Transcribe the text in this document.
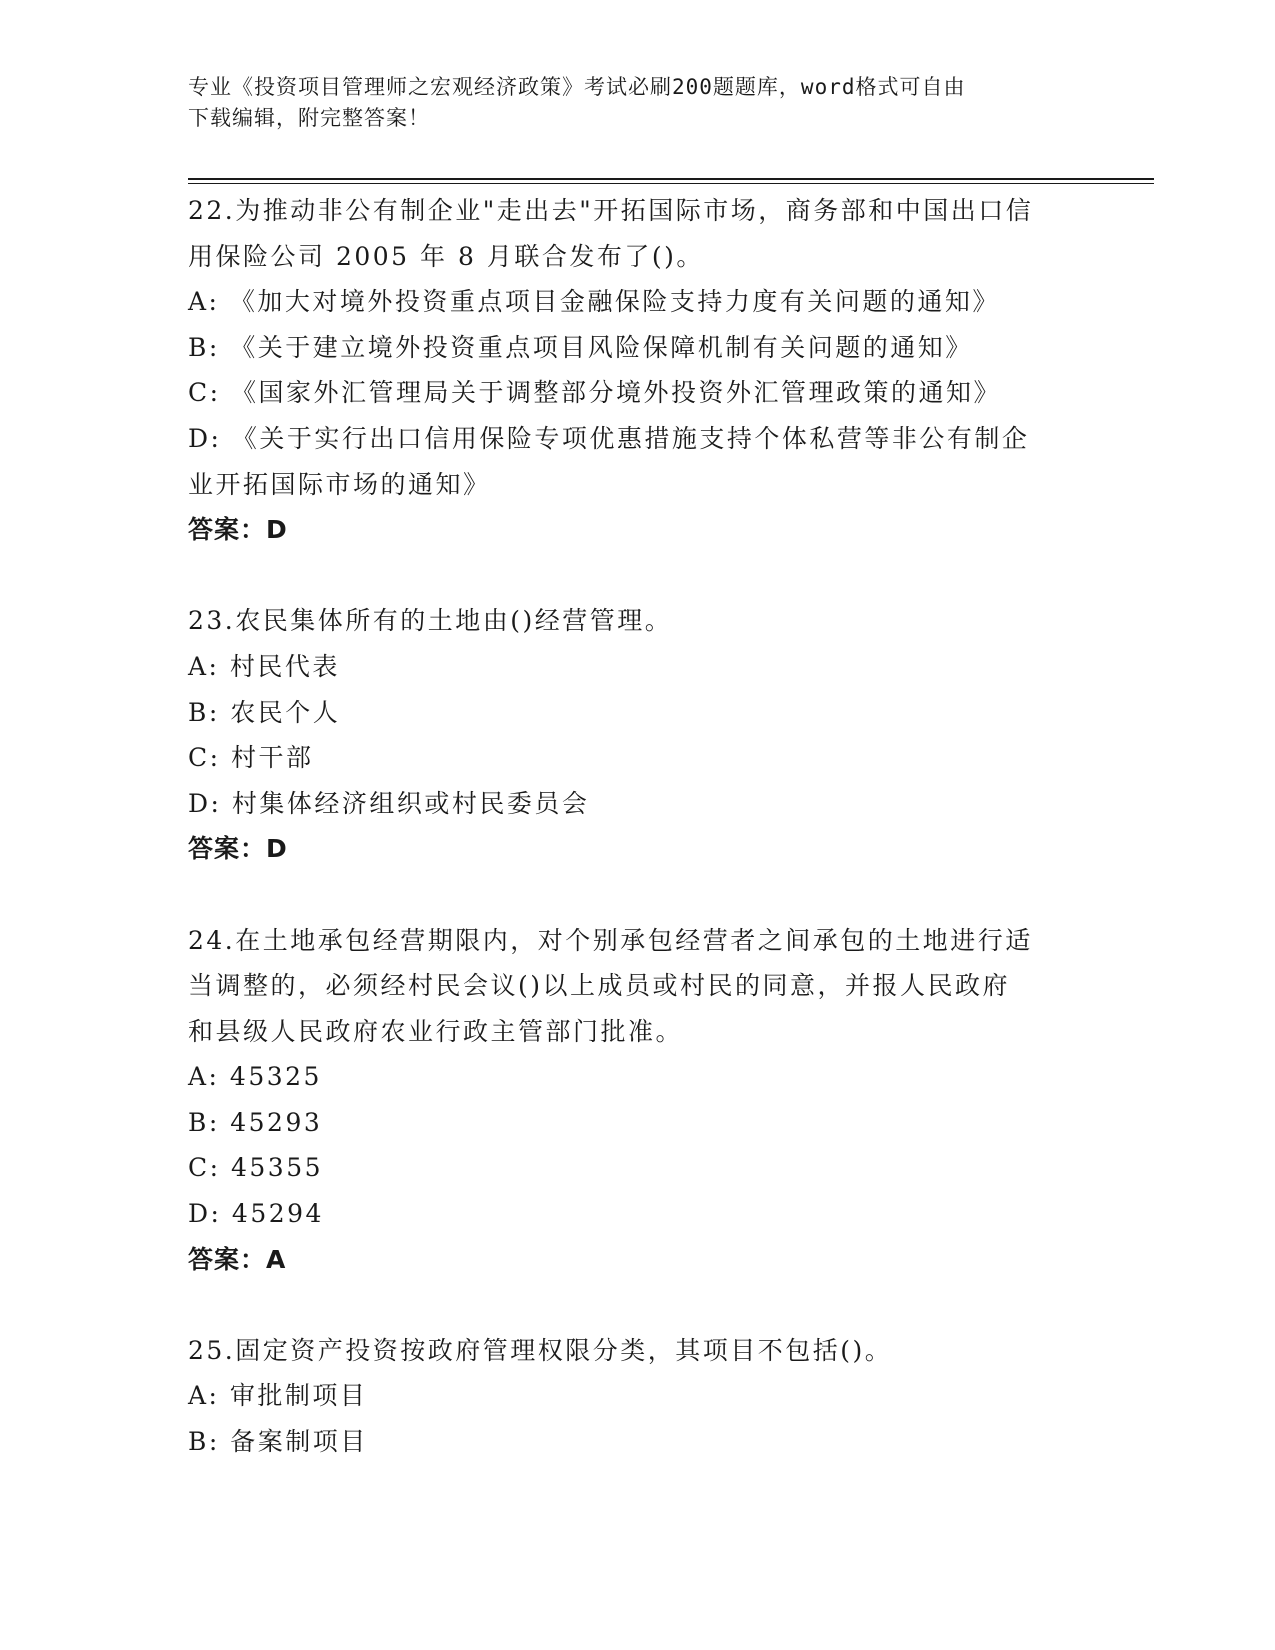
专业《投资项目管理师之宏观经济政策》考试必刷200题题库，word格式可自由
下载编辑，附完整答案！
22.为推动非公有制企业"走出去"开拓国际市场，商务部和中国出口信
用保险公司 2005 年 8 月联合发布了()。
A: 《加大对境外投资重点项目金融保险支持力度有关问题的通知》
B: 《关于建立境外投资重点项目风险保障机制有关问题的通知》
C: 《国家外汇管理局关于调整部分境外投资外汇管理政策的通知》
D: 《关于实行出口信用保险专项优惠措施支持个体私营等非公有制企
业开拓国际市场的通知》
答案：D
23.农民集体所有的土地由()经营管理。
A: 村民代表
B: 农民个人
C: 村干部
D: 村集体经济组织或村民委员会
答案：D
24.在土地承包经营期限内，对个别承包经营者之间承包的土地进行适
当调整的，必须经村民会议()以上成员或村民的同意，并报人民政府
和县级人民政府农业行政主管部门批准。
A: 45325
B: 45293
C: 45355
D: 45294
答案：A
25.固定资产投资按政府管理权限分类，其项目不包括()。
A: 审批制项目
B: 备案制项目
